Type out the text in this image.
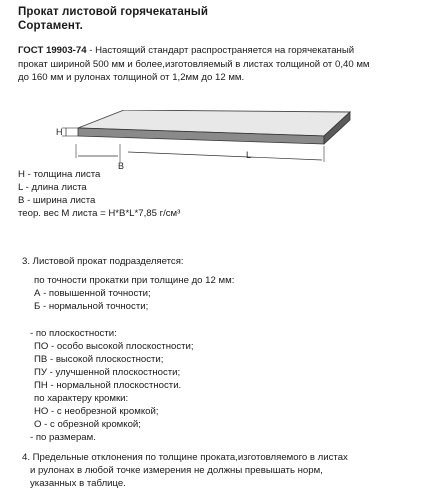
Прокат листовой горячекатаный
Сортамент.
ГОСТ 19903-74 - Настоящий стандарт распространяется на горячекатаный
прокат шириной 500 мм и более,изготовляемый в листах толщиной от 0,40 мм
до 160 мм и рулонах толщиной от 1,2мм до 12 мм.
H
B
L
H - толщина листа
L - длина листа
B - ширина листа
теор. вес М листа = H*B*L*7,85 г/см³
3. Листовой прокат подразделяется:
по точности прокатки при толщине до 12 мм:
А - повышенной точности;
Б - нормальной точности;
- по плоскостности:
ПО - особо высокой плоскостности;
ПВ - высокой плоскостности;
ПУ - улучшенной плоскостности;
ПН - нормальной плоскостности.
по характеру кромки:
НО - с необрезной кромкой;
О - с обрезной кромкой;
- по размерам.
4. Предельные отклонения по толщине проката,изготовляемого в листах
и рулонах в любой точке измерения не должны превышать норм,
указанных в таблице.
